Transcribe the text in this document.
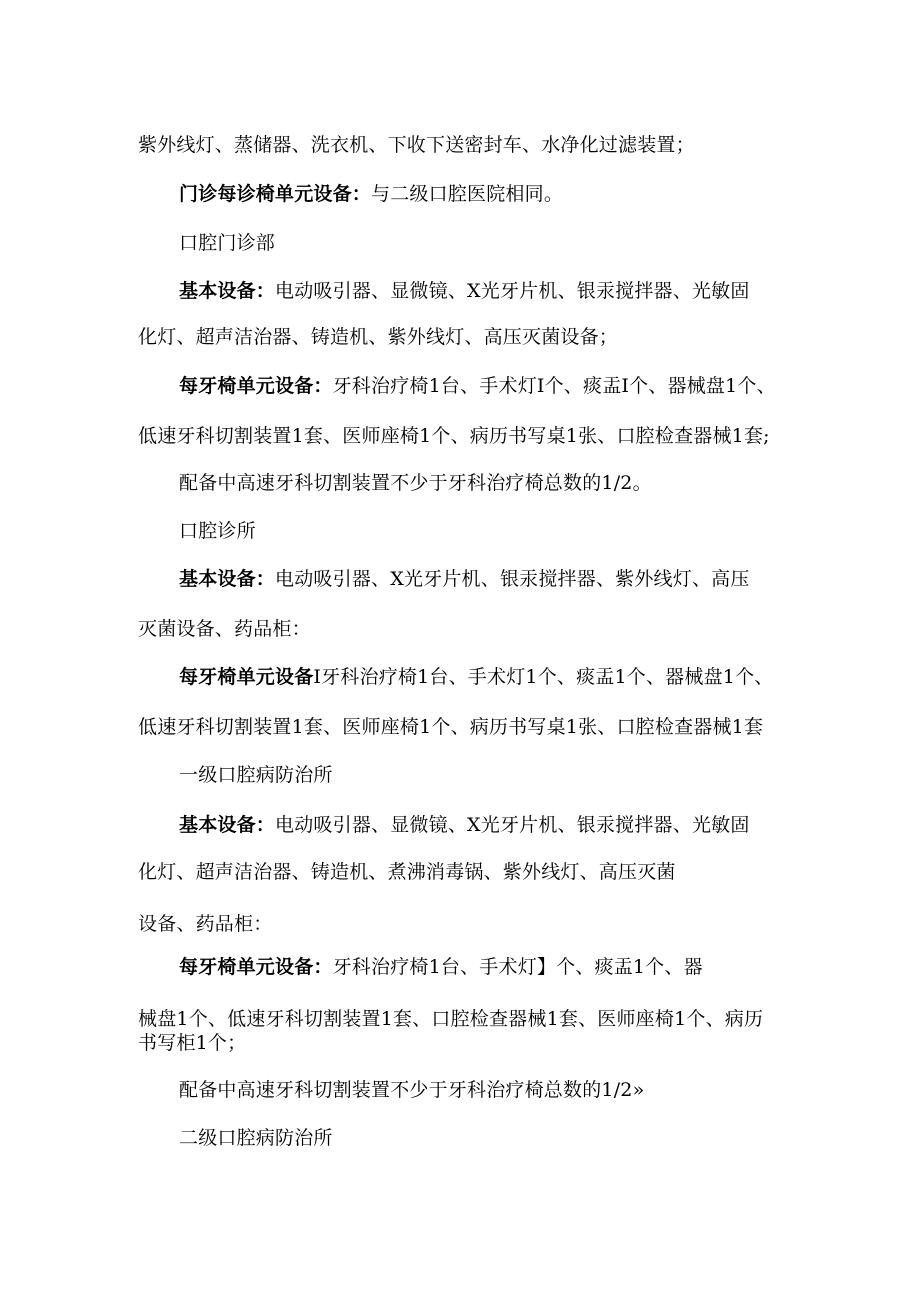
紫外线灯、蒸储器、洗衣机、下收下送密封车、水净化过滤装置；
门诊每诊椅单元设备：与二级口腔医院相同。
口腔门诊部
基本设备：电动吸引器、显微镜、X光牙片机、银汞搅拌器、光敏固
化灯、超声洁治器、铸造机、紫外线灯、高压灭菌设备；
每牙椅单元设备：牙科治疗椅1台、手术灯I个、痰盂I个、器械盘1个、
低速牙科切割装置1套、医师座椅1个、病历书写桌1张、口腔检查器械1套;
配备中高速牙科切割装置不少于牙科治疗椅总数的1/2。
口腔诊所
基本设备：电动吸引器、X光牙片机、银汞搅拌器、紫外线灯、高压
灭菌设备、药品柜：
每牙椅单元设备I牙科治疗椅1台、手术灯1个、痰盂1个、器械盘1个、
低速牙科切割装置1套、医师座椅1个、病历书写桌1张、口腔检查器械1套
一级口腔病防治所
基本设备：电动吸引器、显微镜、X光牙片机、银汞搅拌器、光敏固
化灯、超声洁治器、铸造机、煮沸消毒锅、紫外线灯、高压灭菌
设备、药品柜：
每牙椅单元设备：牙科治疗椅1台、手术灯】个、痰盂1个、器
械盘1个、低速牙科切割装置1套、口腔检查器械1套、医师座椅1个、病历
书写柜1个；
配备中高速牙科切割装置不少于牙科治疗椅总数的1/2»
二级口腔病防治所
